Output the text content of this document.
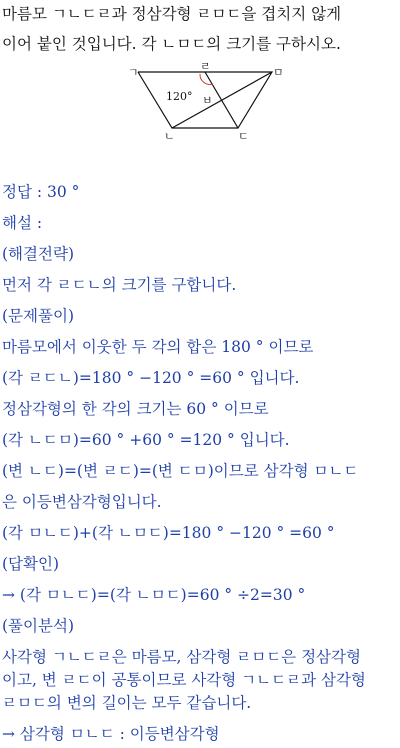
마름모 ㄱㄴㄷㄹ과 정삼각형 ㄹㅁㄷ을 겹치지 않게
이어 붙인 것입니다. 각 ㄴㅁㄷ의 크기를 구하시오.
ㄱ	ㄹ	ㅁ
ㄴ	ㄷ
ㅂ
120°
정답 : 30 °
해설 :
(해결전략)
먼저 각 ㄹㄷㄴ의 크기를 구합니다.
(문제풀이)
마름모에서 이웃한 두 각의 합은 180 ° 이므로
(각 ㄹㄷㄴ)=180 ° −120 ° =60 ° 입니다.
정삼각형의 한 각의 크기는 60 ° 이므로
(각 ㄴㄷㅁ)=60 ° +60 ° =120 ° 입니다.
(변 ㄴㄷ)=(변 ㄹㄷ)=(변 ㄷㅁ)이므로 삼각형 ㅁㄴㄷ
은 이등변삼각형입니다.
(각 ㅁㄴㄷ)+(각 ㄴㅁㄷ)=180 ° −120 ° =60 °
(답확인)
→ (각 ㅁㄴㄷ)=(각 ㄴㅁㄷ)=60 ° ÷2=30 °
(풀이분석)
사각형 ㄱㄴㄷㄹ은 마름모, 삼각형 ㄹㅁㄷ은 정삼각형
이고, 변 ㄹㄷ이 공통이므로 사각형 ㄱㄴㄷㄹ과 삼각형
ㄹㅁㄷ의 변의 길이는 모두 같습니다.
→ 삼각형 ㅁㄴㄷ : 이등변삼각형
